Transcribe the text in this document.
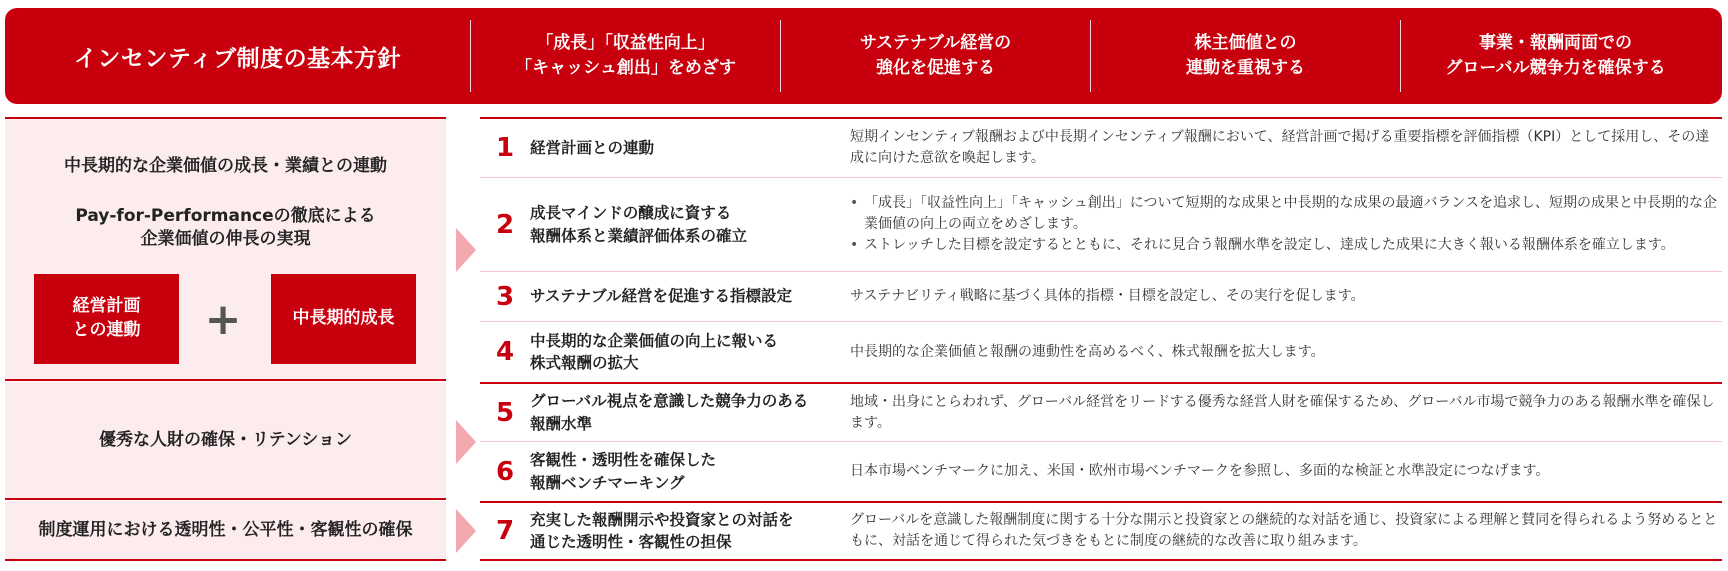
インセンティブ制度の基本方針
「成長」「収益性向上」
「キャッシュ創出」をめざす
サステナブル経営の
強化を促進する
株主価値との
連動を重視する
事業・報酬両面での
グローバル競争力を確保する
中長期的な企業価値の成長・業績との連動
Pay-for-Performanceの徹底による
企業価値の伸長の実現
経営計画
との連動	+	中長期的成長
優秀な人財の確保・リテンション
制度運用における透明性・公平性・客観性の確保
1	経営計画との連動
短期インセンティブ報酬および中長期インセンティブ報酬において、経営計画で掲げる重要指標を評価指標（KPI）として採用し、その達成に向けた意欲を喚起します。
2	成長マインドの醸成に資する
報酬体系と業績評価体系の確立
• 「成長」「収益性向上」「キャッシュ創出」について短期的な成果と中長期的な成果の最適バランスを追求し、短期の成果と中長期的な企業価値の向上の両立をめざします。
• ストレッチした目標を設定するとともに、それに見合う報酬水準を設定し、達成した成果に大きく報いる報酬体系を確立します。
3	サステナブル経営を促進する指標設定	サステナビリティ戦略に基づく具体的指標・目標を設定し、その実行を促します。
4	中長期的な企業価値の向上に報いる
株式報酬の拡大
中長期的な企業価値と報酬の連動性を高めるべく、株式報酬を拡大します。
5	グローバル視点を意識した競争力のある
報酬水準
地域・出身にとらわれず、グローバル経営をリードする優秀な経営人財を確保するため、グローバル市場で競争力のある報酬水準を確保します。
6	客観性・透明性を確保した
報酬ベンチマーキング
日本市場ベンチマークに加え、米国・欧州市場ベンチマークを参照し、多面的な検証と水準設定につなげます。
7	充実した報酬開示や投資家との対話を
通じた透明性・客観性の担保
グローバルを意識した報酬制度に関する十分な開示と投資家との継続的な対話を通じ、投資家による理解と賛同を得られるよう努めるとともに、対話を通じて得られた気づきをもとに制度の継続的な改善に取り組みます。
